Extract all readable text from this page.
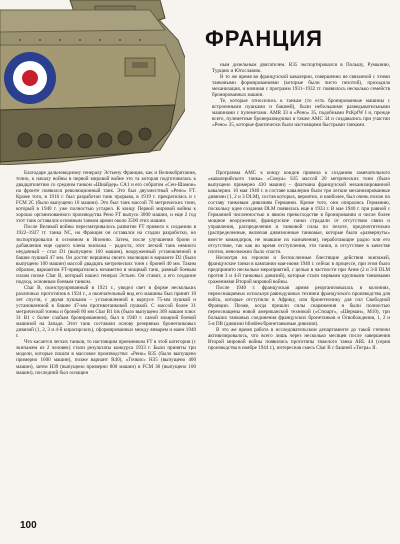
ФРАНЦИЯ

ным дизельным двигателем. R35 экспортировался в Польшу, Румынию, Турцию и Югославию.

В то же время во французской кавалерии, совершенно не связанной с этими танковыми формированиями (которые были чисто пехотой), проходила механизация, и начиная с программ 1931–1932 гг. появилось несколько семейств бронированных машин.

Те, которые относились к танкам (то есть бронированные машины с встроенными пушками и башней), были небольшими разведывательными машинами с пулеметами. AMR 33 и «Рено» 35, подобными PzKpfW I и, прежде всего, пулеметные бронеразведчики и также AMC 34 и создавались при участии «Рено» 35, которые фактически были настоящими быстрыми танками.

Благодаря дальновидному генералу Эстьену Франция, как и Великобритания, точно, к началу войны в первой мировой войне это та которая подготовилась к двадцатилетию со средним танком «Шнайдер» СА1 и его собратом «Сен-Шамон» на фронте появился революционный танк. Это был двухместный «Рено» FT. Кроме того, в 1916 г. был разработан танк прорыва, в 1919 г. прекратилась и с FCM 2C (было выпущено 10 машин). Это был танк массой 70 метрических тонн, который в 1940 г. уже полностью устарел. К концу Первой мировой войны к хорошо организованного производства Рено FT выпуск 3000 машин, и еще 2 год этот танк оставался основным танком армии около 3500 этих машин.

После Великой войны пересматривалось развитие FT привело к созданию в 1922–1927 гг. танка NC, но Франция он оставался на стадии разработки, но экспортировался в основном в Японию. Затем, после улучшения брони и добавления еще одного члена экипажа – радиста, этот легкий танк немного неудачный – стал D1 (выпущено 160 машин), вооруженный установленной в башне пушкой 47 мм. Он достиг вершины своего эволюции в варианте D2 (было выпущено 100 машин) массой двадцать метрических тонн с броней 40 мм. Таким образом, вариантом FT-превратились незаметно в мощный танк, равный боевым силам позже Char B, который нашел генерал Эстьен. Он ставит, а его создание подход, основным боевым танком.

Char B, сконструированный в 1921 г., увидел свет в форме нескольких различных прототипов в 1924 г., а окончательный вид его машины был принят 10 лет спустя, с двумя пушками – установленной в корпусе 75-мм пушкой и установленной в башне 47-мм противотанковой пушкой. С массой более 31 метрической тонны и броней 60 мм Char B1 bis (было выпущено 369 машин плюс 31 В1 с более слабым бронированием), был в 1940 г. самой мощной боевой машиной на Западе. Этот танк составлял основу резервных бронетанковых дивизий (1, 2, 3 и 4-й кирасирских), сформированных между январем и маем 1940 г.

Что касается легких танков, то настоящим преемником FT в этой категории (с экипажем из 2 человек) стали результаты конкурса 1933 г. Были приняты три модели, которые пошли в массовое производство: «Рено» R35 (было выпущено примерно 1600 машин), позже вариант R40), «Гочкис» H35 (выпущено 400 машин), затем H39 (выпущено примерно 800 машин) и FCM 36 (выпущено 100 машин), последний был оснащен

Программа AMC к концу кондов привела к созданию замечательного «кавалерийского танка» «Сомуа» S35 массой 20 метрических тонн (было выпущено примерно 430 машин) – флагмана французской механизированной кавалерии. 10 мая 1940 г. в составе кавалерии были три легкие механизированные дивизии (1, 2 и 3 DLM), состав которых, вероятно, и наиболее, был очень похож по составу танковым дивизиям Германии. Кроме того, они опирались Германию, поскольку идея создания DLM появилась еще в 1933 г. В мае 1940 г. при равной с Германией численностью и явном превосходстве в бронировании и числе более мощное вооружения, французские танки страдали от отсутствия связи и управления, распределения и танковой силы по пехоте, предпочтительно (распределенные, включая дивизионные танковые, которые были «развернуты» вместе командиров, не знавшие их назначения), неработающие радио или его отсутствие, так как во время отступления, эти танки, в отсутствие в качестве плотно, невозможно было спасти.

Несмотря на героизм и бесчисленные блестящие действия экипажей, французские танки в кампании мая-июня 1940 г. сейчас в процессе, при этом было предпринято несколько мероприятий, с целью в частности при Анне (2 и 3-й DLM против 3 и 4-й танковых дивизий), которые стали первыми крупными танковыми сражениями Второй мировой войны.

После 1940 г. французская армия реорганизовалась в колониях, переоснащаемых используя равнодушных техники французского производства для войск, которые отступили в Африку, или бронетехнику для сил Свободной Франции. Позже, когда пришли силы снаряжения и были полностью переоснащены новой американской техникой («Стюарт», «Шерман», M10), три больших танковых соединения французских бронетанков и Освобождения, 1, 2 и 5-я DB (дивизии blindées/бронетанковые дивизии).

В это же время работа в исследовательском департаменте до такой степени активизировалось, что всего лишь через несколько месяцев после завершения Второй мировой войны появились прототипы тяжелого танка ARL 44 (серия производства в ноябре 1944 г.), интересная смесь Char B с башней «Тигра» II.

100
